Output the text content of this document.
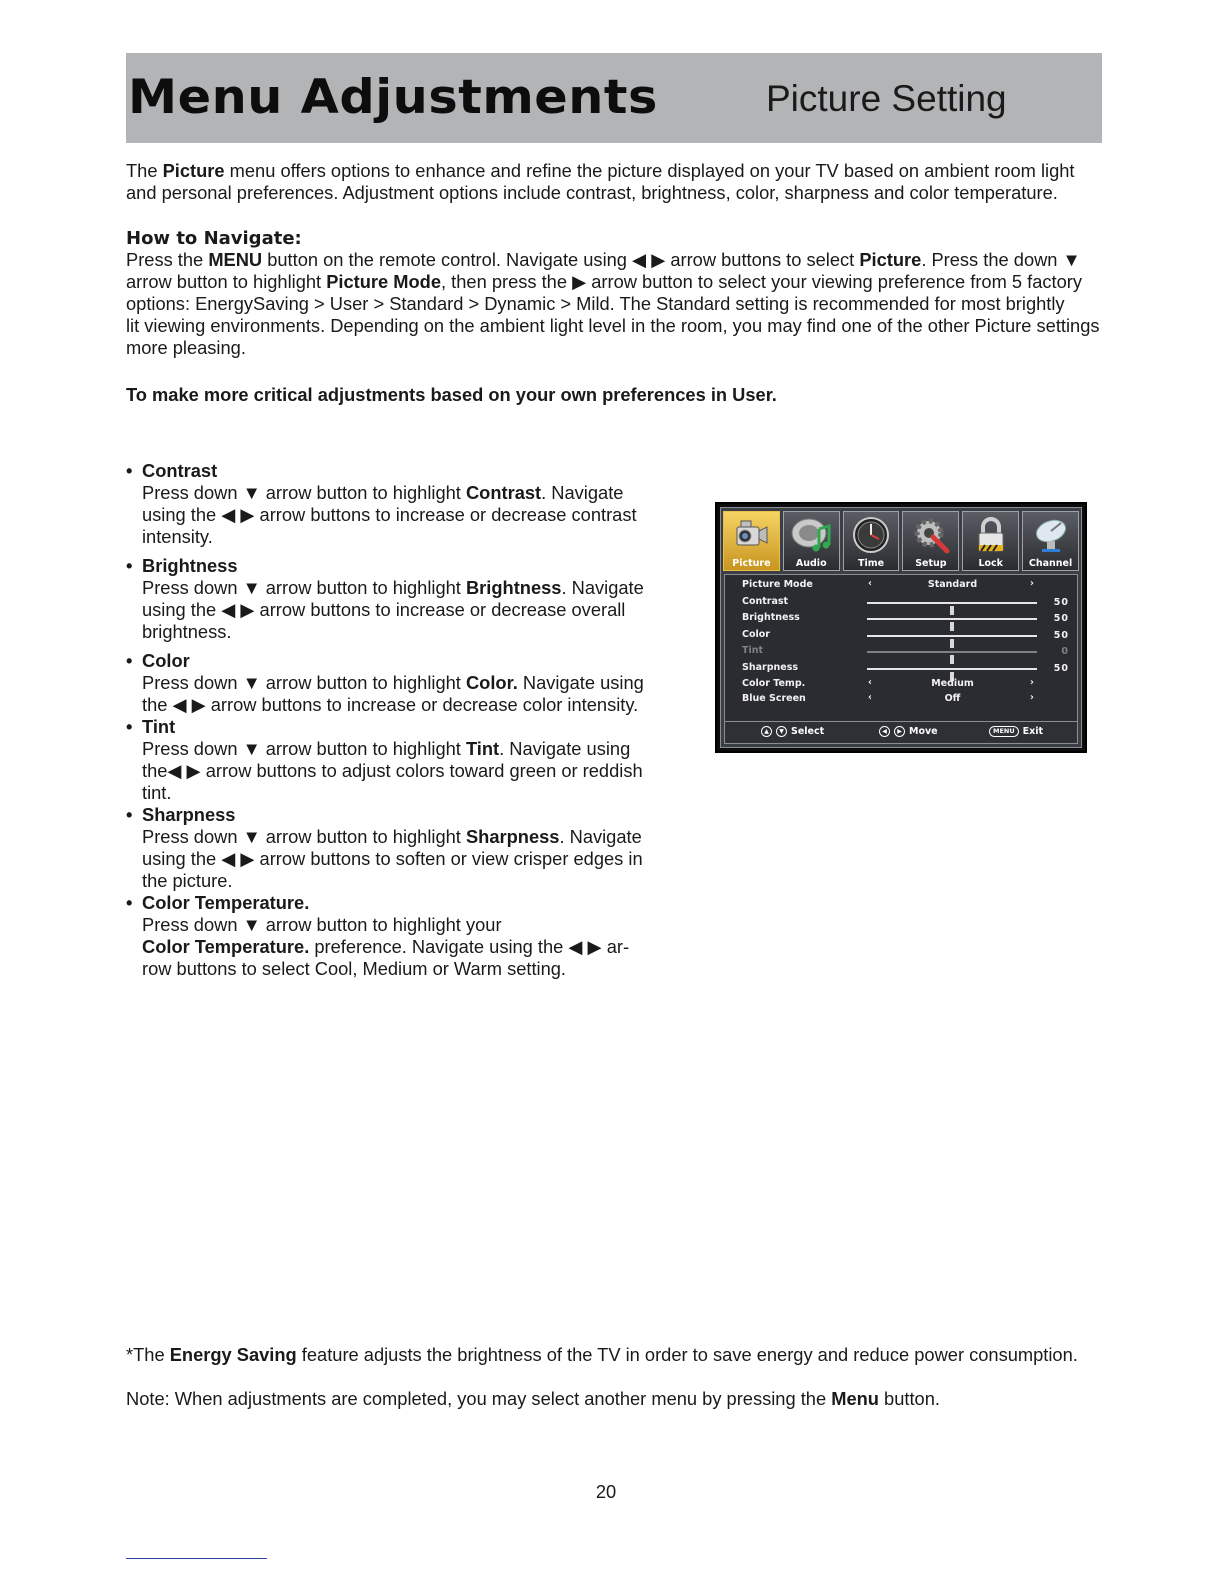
Menu Adjustments	Picture Setting

The Picture menu offers options to enhance and refine the picture displayed on your TV based on ambient room light
and personal preferences. Adjustment options include contrast, brightness, color, sharpness and color temperature.

How to Navigate:

Press the MENU button on the remote control. Navigate using ◀ ▶ arrow buttons to select Picture. Press the down ▼
arrow button to highlight Picture Mode, then press the ▶ arrow button to select your viewing preference from 5 factory
options: EnergySaving > User > Standard > Dynamic > Mild. The Standard setting is recommended for most brightly
lit viewing environments. Depending on the ambient light level in the room, you may find one of the other Picture settings
more pleasing.

To make more critical adjustments based on your own preferences in User.

• Contrast
Press down ▼ arrow button to highlight Contrast. Navigate
using the ◀ ▶ arrow buttons to increase or decrease contrast
intensity.
• Brightness
Press down ▼ arrow button to highlight Brightness. Navigate
using the ◀ ▶ arrow buttons to increase or decrease overall
brightness.
• Color
Press down ▼ arrow button to highlight Color. Navigate using
the ◀ ▶ arrow buttons to increase or decrease color intensity.
• Tint
Press down ▼ arrow button to highlight Tint. Navigate using
the◀ ▶ arrow buttons to adjust colors toward green or reddish
tint.
• Sharpness
Press down ▼ arrow button to highlight Sharpness. Navigate
using the ◀ ▶ arrow buttons to soften or view crisper edges in
the picture.
• Color Temperature.
Press down ▼ arrow button to highlight your
Color Temperature. preference. Navigate using the ◀ ▶ ar-
row buttons to select Cool, Medium or Warm setting.
Picture	Audio	Time	Setup	Lock	Channel
Picture Mode	‹	Standard	›
Contrast	50
Brightness	50
Color	50
Tint	0
Sharpness	50
Color Temp.	‹	Medium	›
Blue Screen	‹	Off	›
▲	▼ Select	◀	▶ Move	MENU Exit

*The Energy Saving feature adjusts the brightness of the TV in order to save energy and reduce power consumption.

Note: When adjustments are completed, you may select another menu by pressing the Menu button.

20
